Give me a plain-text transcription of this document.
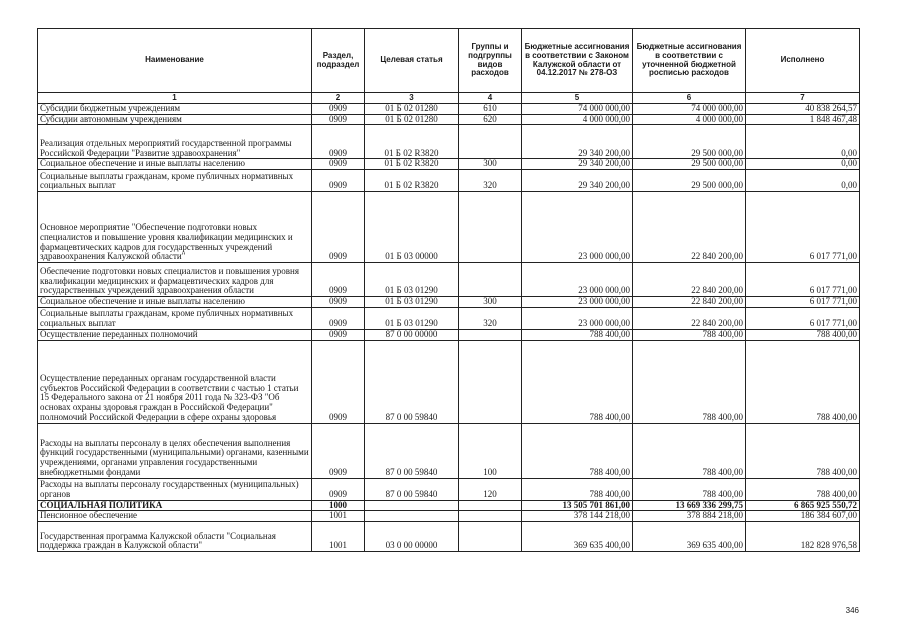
Наименование	Раздел, подраздел	Целевая статья	Группы и подгруппы видов расходов	Бюджетные ассигнования в соответствии с Законом Калужской области от 04.12.2017 № 278-ОЗ	Бюджетные ассигнования в соответствии с уточненной бюджетной росписью расходов	Исполнено
1	2	3	4	5	6	7
Субсидии бюджетным учреждениям	0909	01 Б 02 01280	610	74 000 000,00	74 000 000,00	40 838 264,57
Субсидии автономным учреждениям	0909	01 Б 02 01280	620	4 000 000,00	4 000 000,00	1 848 467,48
Реализация отдельных мероприятий государственной программы Российской Федерации "Развитие здравоохранения"	0909	01 Б 02 R3820		29 340 200,00	29 500 000,00	0,00
Социальное обеспечение и иные выплаты населению	0909	01 Б 02 R3820	300	29 340 200,00	29 500 000,00	0,00
Социальные выплаты гражданам, кроме публичных нормативных социальных выплат	0909	01 Б 02 R3820	320	29 340 200,00	29 500 000,00	0,00
Основное мероприятие "Обеспечение подготовки новых специалистов и повышение уровня квалификации медицинских и фармацевтических кадров для государственных учреждений здравоохранения Калужской области"	0909	01 Б 03 00000		23 000 000,00	22 840 200,00	6 017 771,00
Обеспечение подготовки новых специалистов и повышения уровня квалификации медицинских и фармацевтических кадров для государственных учреждений здравоохранения области	0909	01 Б 03 01290		23 000 000,00	22 840 200,00	6 017 771,00
Социальное обеспечение и иные выплаты населению	0909	01 Б 03 01290	300	23 000 000,00	22 840 200,00	6 017 771,00
Социальные выплаты гражданам, кроме публичных нормативных социальных выплат	0909	01 Б 03 01290	320	23 000 000,00	22 840 200,00	6 017 771,00
Осуществление переданных полномочий	0909	87 0 00 00000		788 400,00	788 400,00	788 400,00
Осуществление переданных органам государственной власти субъектов Российской Федерации в соответствии с частью 1 статьи 15 Федерального закона от 21 ноября 2011 года № 323-ФЗ "Об основах охраны здоровья граждан в Российской Федерации" полномочий Российской Федерации в сфере охраны здоровья	0909	87 0 00 59840		788 400,00	788 400,00	788 400,00
Расходы на выплаты персоналу в целях обеспечения выполнения функций государственными (муниципальными) органами, казенными учреждениями, органами управления государственными внебюджетными фондами	0909	87 0 00 59840	100	788 400,00	788 400,00	788 400,00
Расходы на выплаты персоналу государственных (муниципальных) органов	0909	87 0 00 59840	120	788 400,00	788 400,00	788 400,00
СОЦИАЛЬНАЯ ПОЛИТИКА	1000			13 505 701 861,00	13 669 336 299,75	6 865 925 550,72
Пенсионное обеспечение	1001			378 144 218,00	378 884 218,00	186 384 607,00
Государственная программа Калужской области "Социальная поддержка граждан в Калужской области"	1001	03 0 00 00000		369 635 400,00	369 635 400,00	182 828 976,58
346
